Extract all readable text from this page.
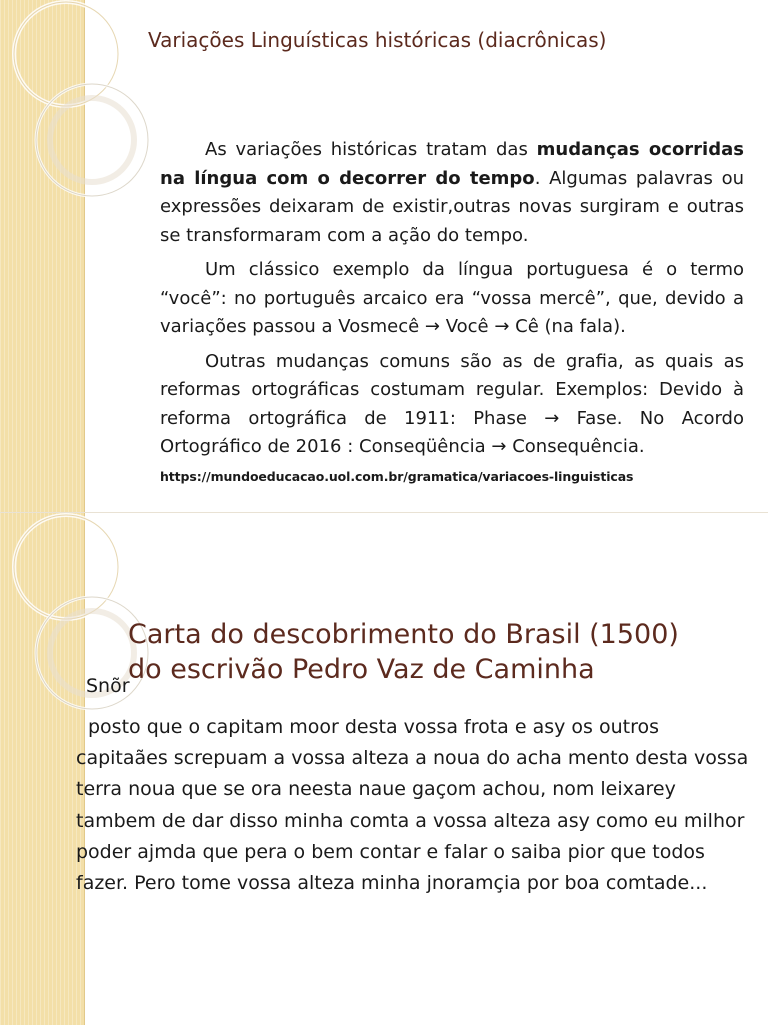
Variações Linguísticas históricas (diacrônicas)

As variações históricas tratam das mudanças ocorridas na língua com o decorrer do tempo. Algumas palavras ou expressões deixaram de existir,outras novas surgiram e outras se transformaram com a ação do tempo.

Um clássico exemplo da língua portuguesa é o termo “você”: no português arcaico era “vossa mercê”, que, devido a variações passou a Vosmecê → Você → Cê (na fala).

Outras mudanças comuns são as de grafia, as quais as reformas ortográficas costumam regular. Exemplos: Devido à reforma ortográfica de 1911: Phase → Fase. No Acordo Ortográfico de 2016 : Conseqüência → Consequência.

https://mundoeducacao.uol.com.br/gramatica/variacoes-linguisticas

Carta do descobrimento do Brasil (1500)
do escrivão Pedro Vaz de Caminha

Snõr

posto que o capitam moor desta vossa frota e asy os outros capitaães screpuam a vossa alteza a noua do acha mento desta vossa terra noua que se ora neesta naue gaçom achou, nom leixarey tambem de dar disso minha comta a vossa alteza asy como eu milhor poder ajmda que pera o bem contar e falar o saiba pior que todos fazer. Pero tome vossa alteza minha jnoramçia por boa comtade...
